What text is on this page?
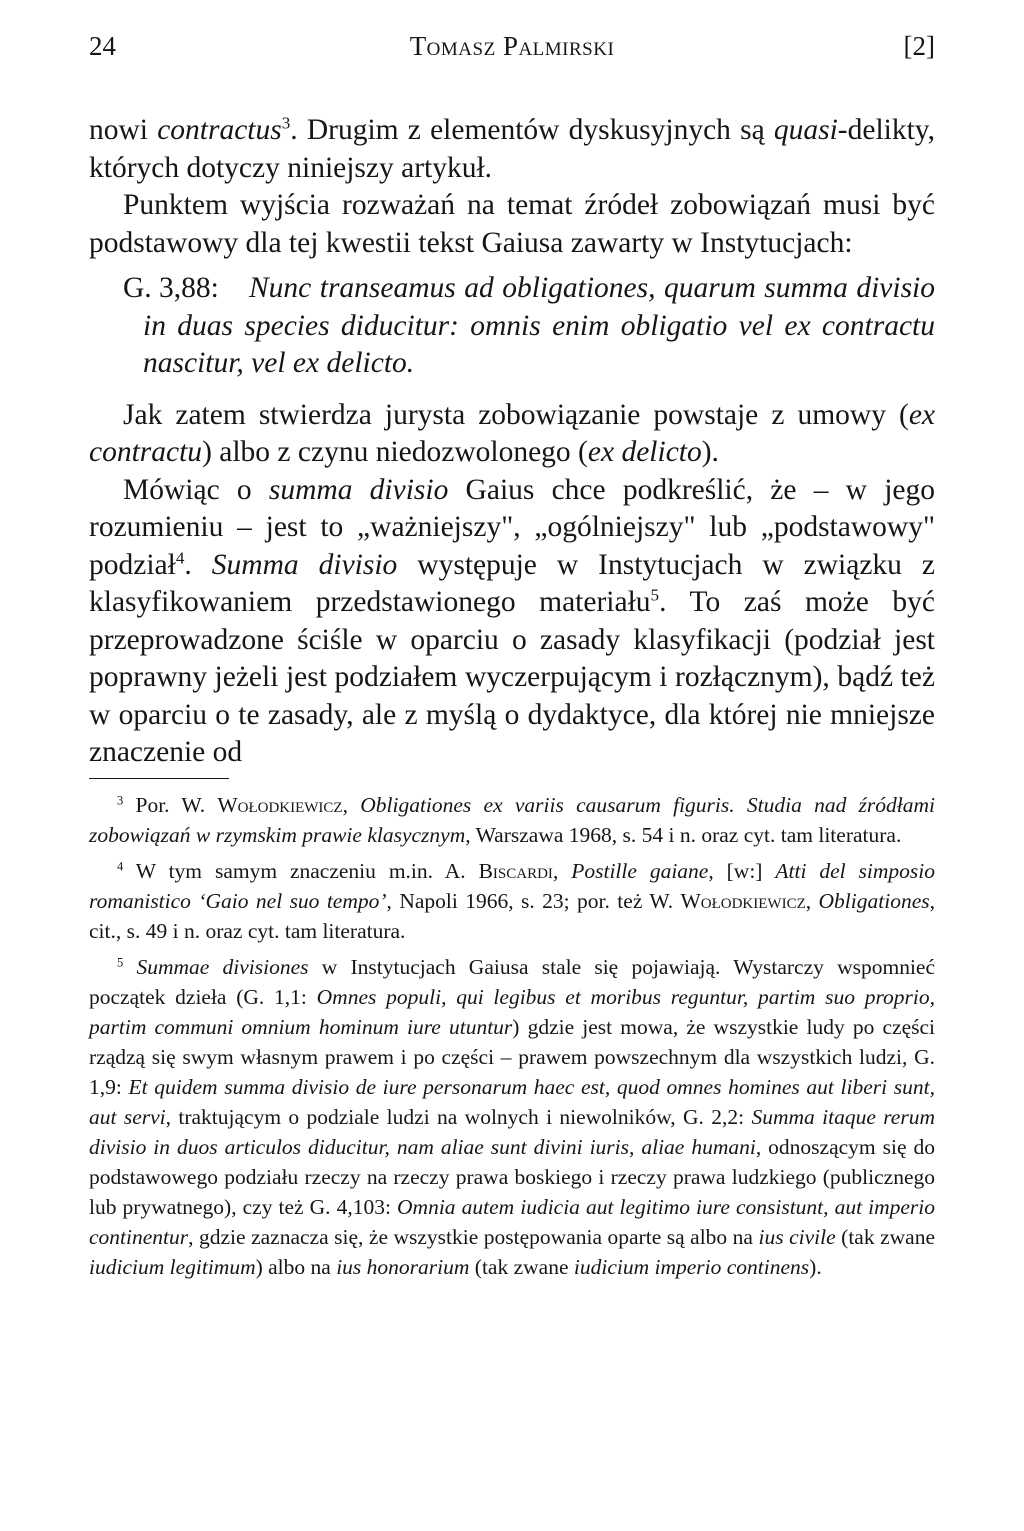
24	Tomasz Palmirski	[2]

nowi contractus$^3$. Drugim z elementów dyskusyjnych są quasi-delikty, których dotyczy niniejszy artykuł.

Punktem wyjścia rozważań na temat źródeł zobowiązań musi być podstawowy dla tej kwestii tekst Gaiusa zawarty w Instytucjach:

G. 3,88: Nunc transeamus ad obligationes, quarum summa divisio in duas species diducitur: omnis enim obligatio vel ex contractu nascitur, vel ex delicto.

Jak zatem stwierdza jurysta zobowiązanie powstaje z umowy (ex contractu) albo z czynu niedozwolonego (ex delicto).

Mówiąc o summa divisio Gaius chce podkreślić, że – w jego rozumieniu – jest to „ważniejszy", „ogólniejszy" lub „podstawowy" podział$^4$. Summa divisio występuje w Instytucjach w związku z klasyfikowaniem przedstawionego materiału$^5$. To zaś może być przeprowadzone ściśle w oparciu o zasady klasyfikacji (podział jest poprawny jeżeli jest podziałem wyczerpującym i rozłącznym), bądź też w oparciu o te zasady, ale z myślą o dydaktyce, dla której nie mniejsze znaczenie od

$^3$ Por. W. Wołodkiewicz, Obligationes ex variis causarum figuris. Studia nad źródłami zobowiązań w rzymskim prawie klasycznym, Warszawa 1968, s. 54 i n. oraz cyt. tam literatura.

$^4$ W tym samym znaczeniu m.in. A. Biscardi, Postille gaiane, [w:] Atti del simposio romanistico ‘Gaio nel suo tempo’, Napoli 1966, s. 23; por. też W. Wołodkiewicz, Obligationes, cit., s. 49 i n. oraz cyt. tam literatura.

$^5$ Summae divisiones w Instytucjach Gaiusa stale się pojawiają. Wystarczy wspomnieć początek dzieła (G. 1,1: Omnes populi, qui legibus et moribus reguntur, partim suo proprio, partim communi omnium hominum iure utuntur) gdzie jest mowa, że wszystkie ludy po części rządzą się swym własnym prawem i po części – prawem powszechnym dla wszystkich ludzi, G. 1,9: Et quidem summa divisio de iure personarum haec est, quod omnes homines aut liberi sunt, aut servi, traktującym o podziale ludzi na wolnych i niewolników, G. 2,2: Summa itaque rerum divisio in duos articulos diducitur, nam aliae sunt divini iuris, aliae humani, odnoszącym się do podstawowego podziału rzeczy na rzeczy prawa boskiego i rzeczy prawa ludzkiego (publicznego lub prywatnego), czy też G. 4,103: Omnia autem iudicia aut legitimo iure consistunt, aut imperio continentur, gdzie zaznacza się, że wszystkie postępowania oparte są albo na ius civile (tak zwane iudicium legitimum) albo na ius honorarium (tak zwane iudicium imperio continens).
